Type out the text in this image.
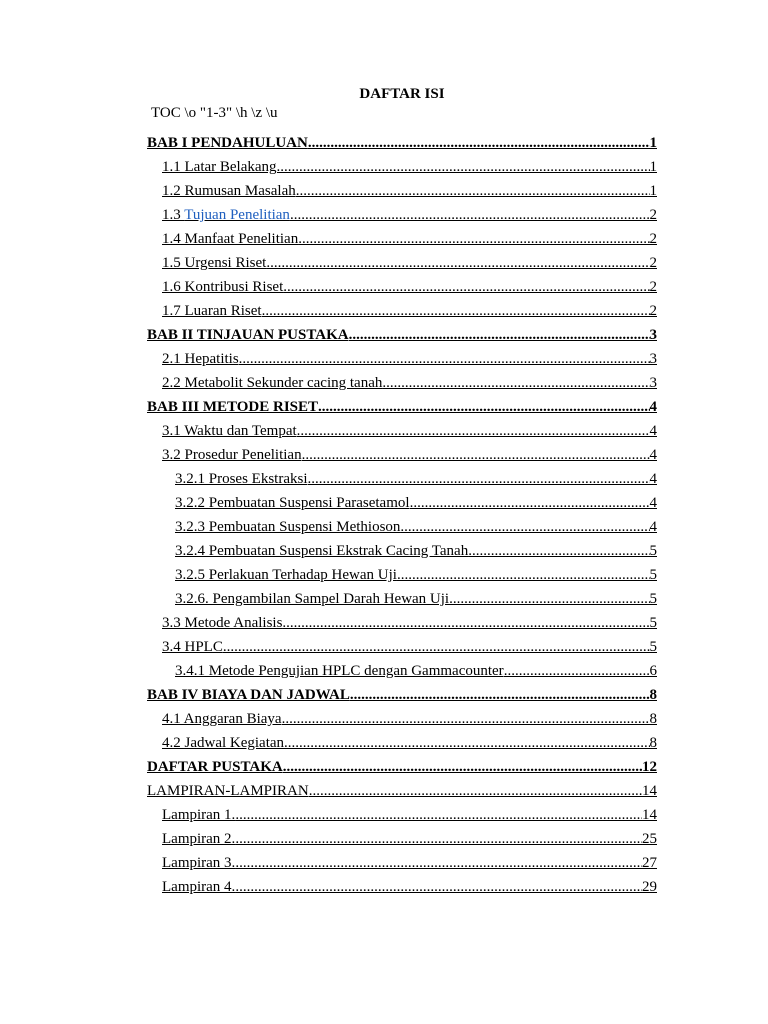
DAFTAR ISI
TOC \o "1-3" \h \z \u
BAB I PENDAHULUAN .....	1
1.1 Latar Belakang .....	1
1.2 Rumusan Masalah .....	1
1.3 Tujuan Penelitian .....	2
1.4 Manfaat Penelitian .....	2
1.5 Urgensi Riset .....	2
1.6 Kontribusi Riset .....	2
1.7 Luaran Riset .....	2
BAB II TINJAUAN PUSTAKA .....	3
2.1 Hepatitis .....	3
2.2 Metabolit Sekunder cacing tanah .....	3
BAB III METODE RISET .....	4
3.1 Waktu dan Tempat .....	4
3.2 Prosedur Penelitian .....	4
3.2.1 Proses Ekstraksi .....	4
3.2.2 Pembuatan Suspensi Parasetamol .....	4
3.2.3 Pembuatan Suspensi Methioson .....	4
3.2.4 Pembuatan Suspensi Ekstrak Cacing Tanah .....	5
3.2.5 Perlakuan Terhadap Hewan Uji .....	5
3.2.6. Pengambilan Sampel Darah Hewan Uji .....	5
3.3 Metode Analisis .....	5
3.4 HPLC .....	5
3.4.1 Metode Pengujian HPLC dengan Gammacounter .....	6
BAB IV BIAYA DAN JADWAL .....	8
4.1 Anggaran Biaya .....	8
4.2 Jadwal Kegiatan .....	8
DAFTAR PUSTAKA .....	12
LAMPIRAN-LAMPIRAN .....	14
Lampiran 1. .....	14
Lampiran 2. .....	25
Lampiran 3. .....	27
Lampiran 4. .....	29
